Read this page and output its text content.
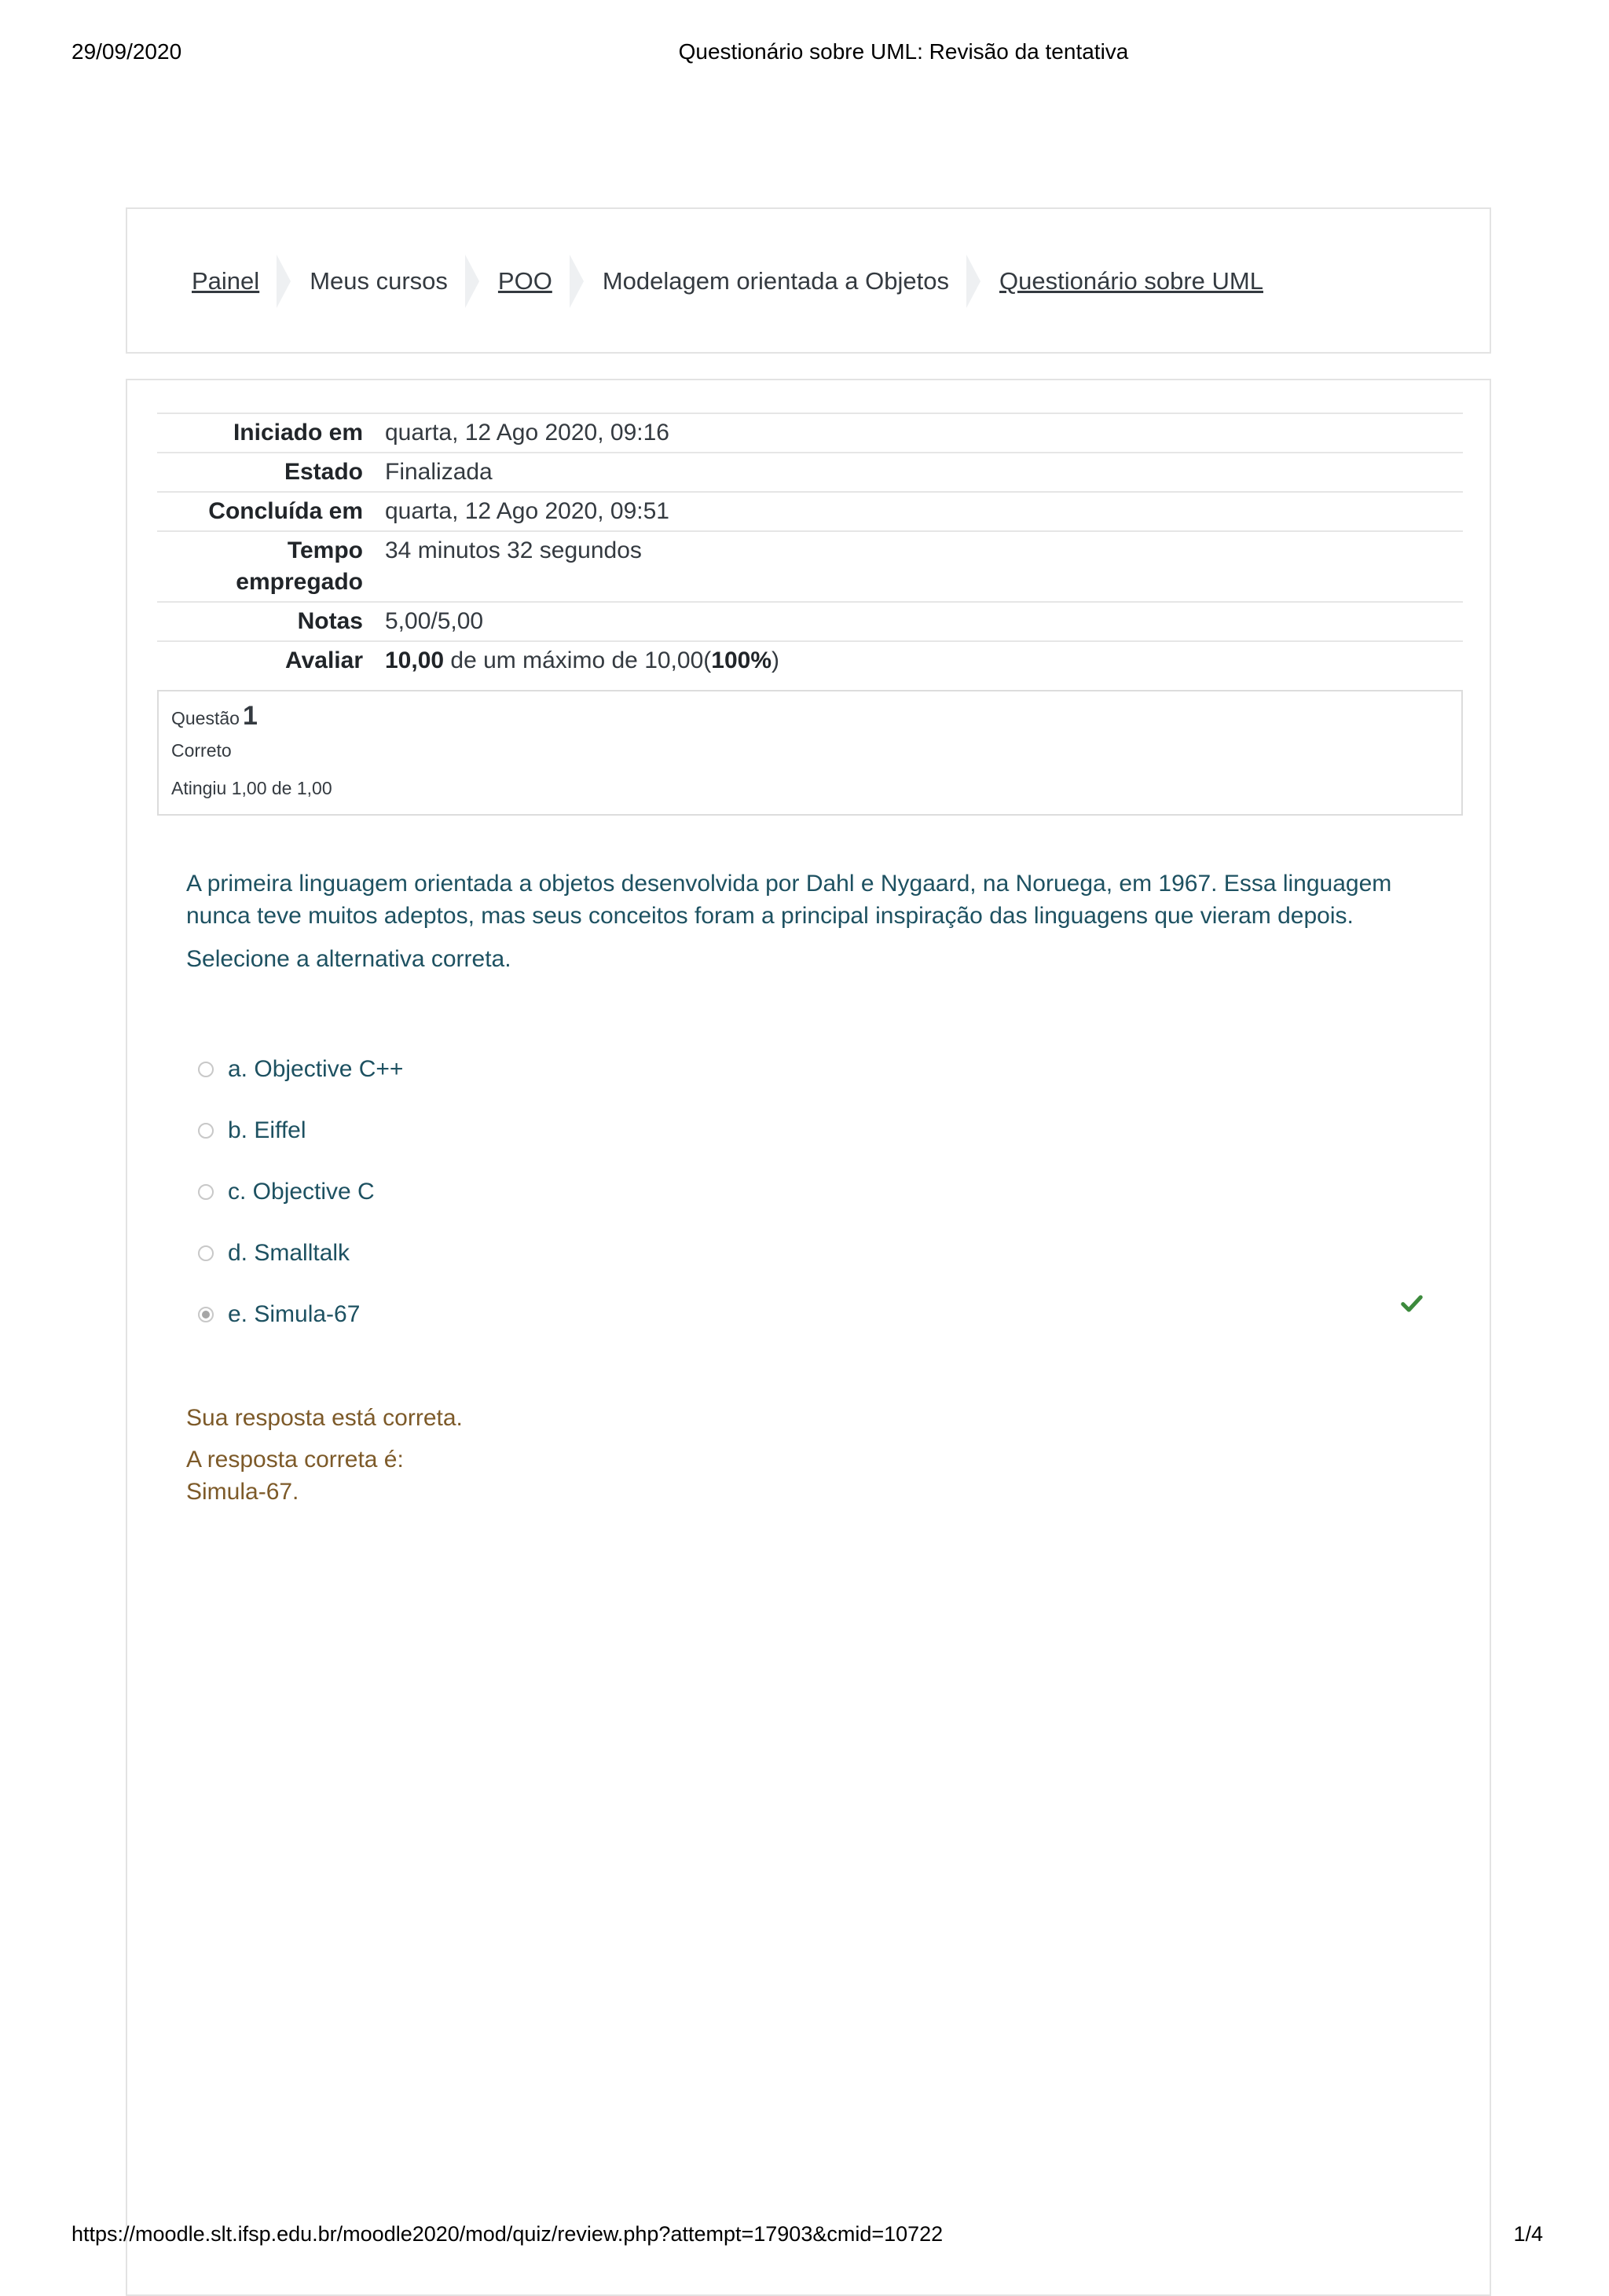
29/09/2020	Questionário sobre UML: Revisão da tentativa
Painel Meus cursos POO Modelagem orientada a Objetos Questionário sobre UML
Iniciado em	quarta, 12 Ago 2020, 09:16
Estado	Finalizada
Concluída em	quarta, 12 Ago 2020, 09:51
Tempo empregado	34 minutos 32 segundos
Notas	5,00/5,00
Avaliar	10,00 de um máximo de 10,00(100%)
Questão 1
Correto
Atingiu 1,00 de 1,00

A primeira linguagem orientada a objetos desenvolvida por Dahl e Nygaard, na Noruega, em 1967. Essa linguagem nunca teve muitos adeptos, mas seus conceitos foram a principal inspiração das linguagens que vieram depois.

Selecione a alternativa correta.
a. Objective C++
b. Eiffel
c. Objective C
d. Smalltalk
e. Simula-67
Sua resposta está correta.
A resposta correta é:
Simula-67.
https://moodle.slt.ifsp.edu.br/moodle2020/mod/quiz/review.php?attempt=17903&cmid=10722	1/4
